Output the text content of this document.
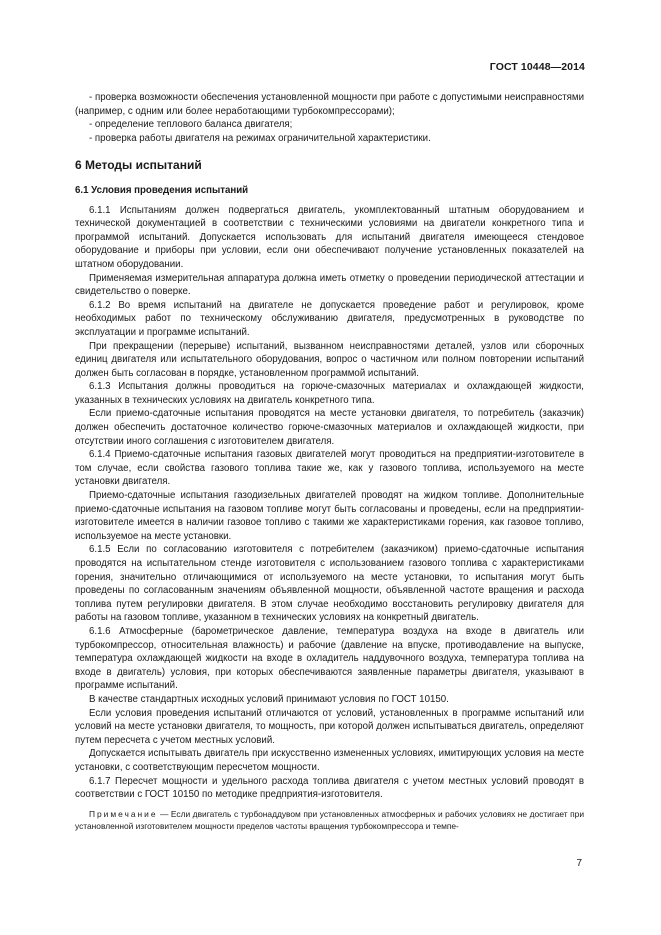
ГОСТ 10448—2014

- проверка возможности обеспечения установленной мощности при работе с допустимыми неисправностями (например, с одним или более неработающими турбокомпрессорами);

- определение теплового баланса двигателя;

- проверка работы двигателя на режимах ограничительной характеристики.

6 Методы испытаний

6.1 Условия проведения испытаний

6.1.1 Испытаниям должен подвергаться двигатель, укомплектованный штатным оборудованием и технической документацией в соответствии с техническими условиями на двигатели конкретного типа и программой испытаний. Допускается использовать для испытаний двигателя имеющееся стендовое оборудование и приборы при условии, если они обеспечивают получение установленных показателей на штатном оборудовании.

Применяемая измерительная аппаратура должна иметь отметку о проведении периодической аттестации и свидетельство о поверке.

6.1.2 Во время испытаний на двигателе не допускается проведение работ и регулировок, кроме необходимых работ по техническому обслуживанию двигателя, предусмотренных в руководстве по эксплуатации и программе испытаний.

При прекращении (перерыве) испытаний, вызванном неисправностями деталей, узлов или сборочных единиц двигателя или испытательного оборудования, вопрос о частичном или полном повторении испытаний должен быть согласован в порядке, установленном программой испытаний.

6.1.3 Испытания должны проводиться на горюче-смазочных материалах и охлаждающей жидкости, указанных в технических условиях на двигатель конкретного типа.

Если приемо-сдаточные испытания проводятся на месте установки двигателя, то потребитель (заказчик) должен обеспечить достаточное количество горюче-смазочных материалов и охлаждающей жидкости, при отсутствии иного соглашения с изготовителем двигателя.

6.1.4 Приемо-сдаточные испытания газовых двигателей могут проводиться на предприятии-изготовителе в том случае, если свойства газового топлива такие же, как у газового топлива, используемого на месте установки двигателя.

Приемо-сдаточные испытания газодизельных двигателей проводят на жидком топливе. Дополнительные приемо-сдаточные испытания на газовом топливе могут быть согласованы и проведены, если на предприятии-изготовителе имеется в наличии газовое топливо с такими же характеристиками горения, как газовое топливо, используемое на месте установки.

6.1.5 Если по согласованию изготовителя с потребителем (заказчиком) приемо-сдаточные испытания проводятся на испытательном стенде изготовителя с использованием газового топлива с характеристиками горения, значительно отличающимися от используемого на месте установки, то испытания могут быть проведены по согласованным значениям объявленной мощности, объявленной частоте вращения и расхода топлива путем регулировки двигателя. В этом случае необходимо восстановить регулировку двигателя для работы на газовом топливе, указанном в технических условиях на конкретный двигатель.

6.1.6 Атмосферные (барометрическое давление, температура воздуха на входе в двигатель или турбокомпрессор, относительная влажность) и рабочие (давление на впуске, противодавление на выпуске, температура охлаждающей жидкости на входе в охладитель наддувочного воздуха, температура топлива на входе в двигатель) условия, при которых обеспечиваются заявленные параметры двигателя, указывают в программе испытаний.

В качестве стандартных исходных условий принимают условия по ГОСТ 10150.

Если условия проведения испытаний отличаются от условий, установленных в программе испытаний или условий на месте установки двигателя, то мощность, при которой должен испытываться двигатель, определяют путем пересчета с учетом местных условий.

Допускается испытывать двигатель при искусственно измененных условиях, имитирующих условия на месте установки, с соответствующим пересчетом мощности.

6.1.7 Пересчет мощности и удельного расхода топлива двигателя с учетом местных условий проводят в соответствии с ГОСТ 10150 по методике предприятия-изготовителя.

Примечание — Если двигатель с турбонаддувом при установленных атмосферных и рабочих условиях не достигает при установленной изготовителем мощности пределов частоты вращения турбокомпрессора и темпе-

7
